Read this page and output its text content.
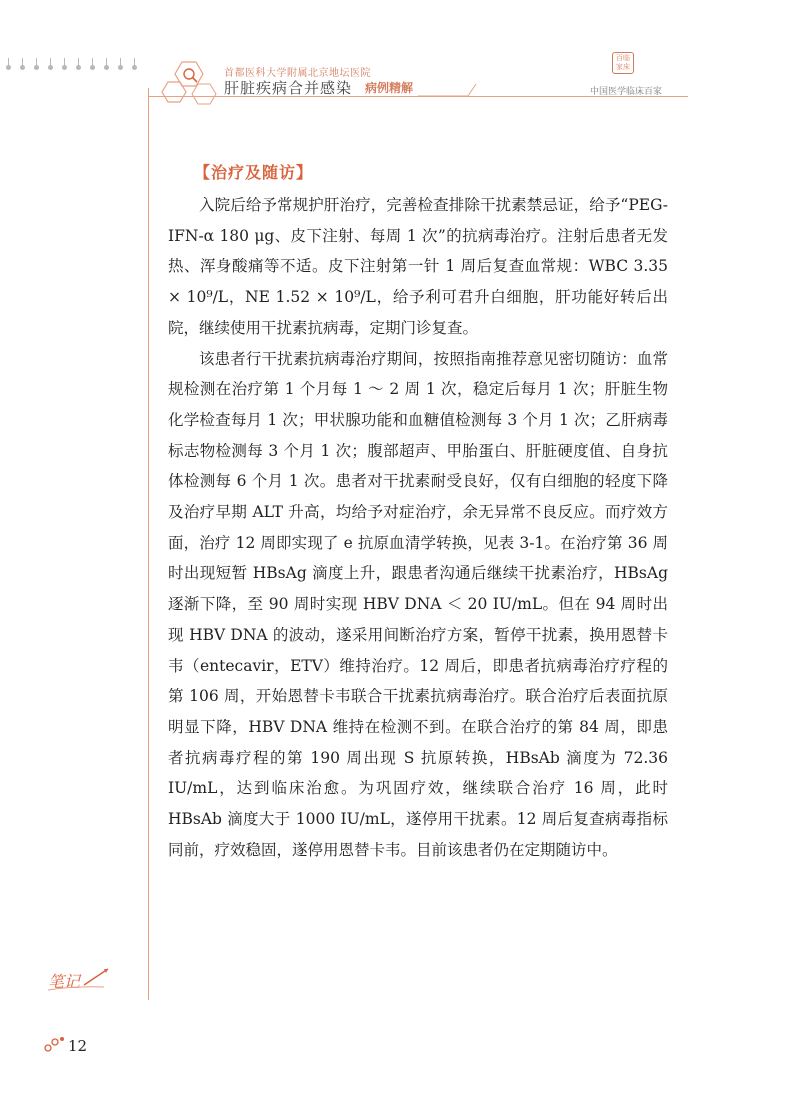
首都医科大学附属北京地坛医院
肝脏疾病合并感染 病例精解
百临
家床
中国医学临床百家
【治疗及随访】

入院后给予常规护肝治疗，完善检查排除干扰素禁忌证，给予“PEG-IFN-α 180 μg、皮下注射、每周 1 次”的抗病毒治疗。注射后患者无发热、浑身酸痛等不适。皮下注射第一针 1 周后复查血常规：WBC 3.35 × 10⁹/L，NE 1.52 × 10⁹/L，给予利可君升白细胞，肝功能好转后出院，继续使用干扰素抗病毒，定期门诊复查。

该患者行干扰素抗病毒治疗期间，按照指南推荐意见密切随访：血常规检测在治疗第 1 个月每 1 ～ 2 周 1 次，稳定后每月 1 次；肝脏生物化学检查每月 1 次；甲状腺功能和血糖值检测每 3 个月 1 次；乙肝病毒标志物检测每 3 个月 1 次；腹部超声、甲胎蛋白、肝脏硬度值、自身抗体检测每 6 个月 1 次。患者对干扰素耐受良好，仅有白细胞的轻度下降及治疗早期 ALT 升高，均给予对症治疗，余无异常不良反应。而疗效方面，治疗 12 周即实现了 e 抗原血清学转换，见表 3-1。在治疗第 36 周时出现短暂 HBsAg 滴度上升，跟患者沟通后继续干扰素治疗，HBsAg 逐渐下降，至 90 周时实现 HBV DNA ＜ 20 IU/mL。但在 94 周时出现 HBV DNA 的波动，遂采用间断治疗方案，暂停干扰素，换用恩替卡韦（entecavir，ETV）维持治疗。12 周后，即患者抗病毒治疗疗程的第 106 周，开始恩替卡韦联合干扰素抗病毒治疗。联合治疗后表面抗原明显下降，HBV DNA 维持在检测不到。在联合治疗的第 84 周，即患者抗病毒疗程的第 190 周出现 S 抗原转换，HBsAb 滴度为 72.36 IU/mL，达到临床治愈。为巩固疗效，继续联合治疗 16 周，此时 HBsAb 滴度大于 1000 IU/mL，遂停用干扰素。12 周后复查病毒指标同前，疗效稳固，遂停用恩替卡韦。目前该患者仍在定期随访中。

笔记
12
